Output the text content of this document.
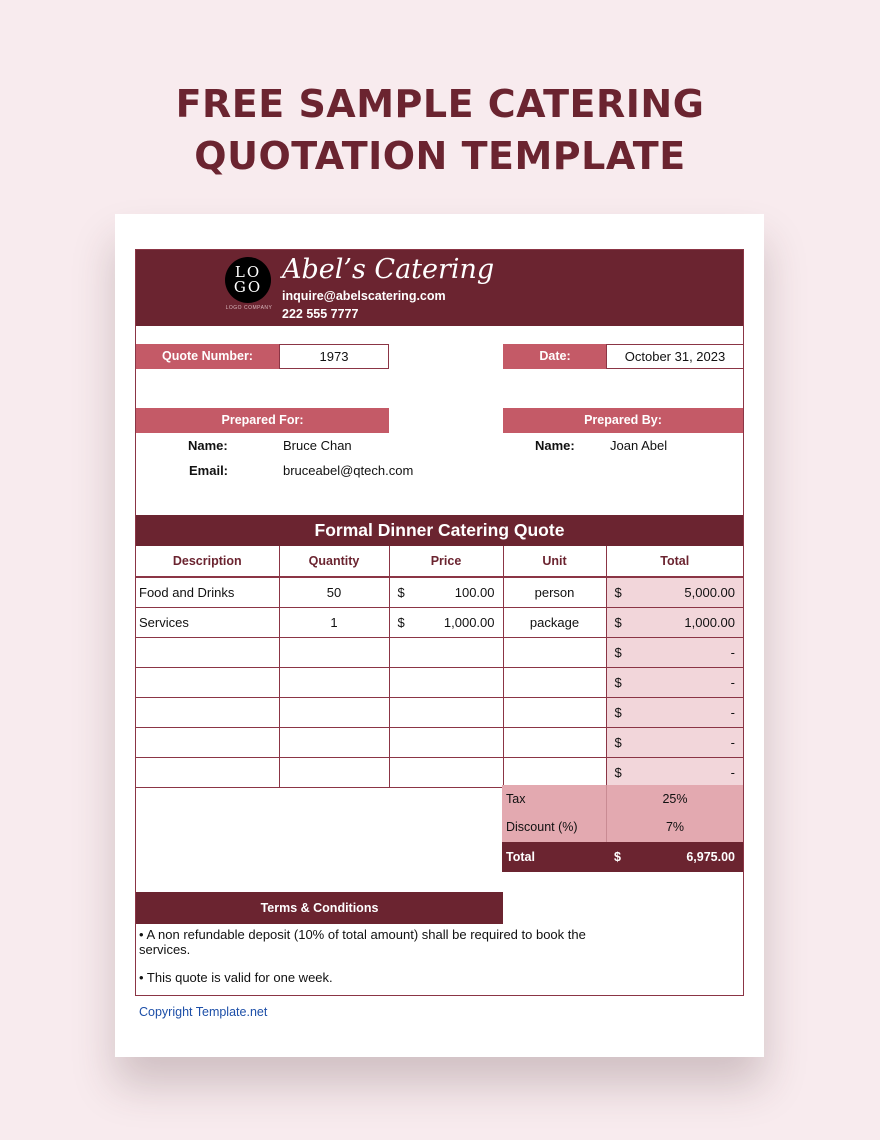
FREE SAMPLE CATERING
QUOTATION TEMPLATE
LO
GO
LOGO COMPANY
Abel’s Catering
inquire@abelscatering.com
222 555 7777
Quote Number:	1973	Date:	October 31, 2023
Prepared For:	Prepared By:
Name:	Bruce Chan
Email:	bruceabel@qtech.com
Name:	Joan Abel
Formal Dinner Catering Quote
Description	Quantity	Price	Unit	Total
Food and Drinks	50	$ 100.00	person	$ 5,000.00

Services	1	$ 1,000.00	package	$ 1,000.00

				$ -

				$ -

				$ -

				$ -

				$ -
Tax	25%
Discount (%)	7%
Total	$	6,975.00
Terms & Conditions
• A non refundable deposit (10% of total amount) shall be required to book the services.
• This quote is valid for one week.
Copyright Template.net
